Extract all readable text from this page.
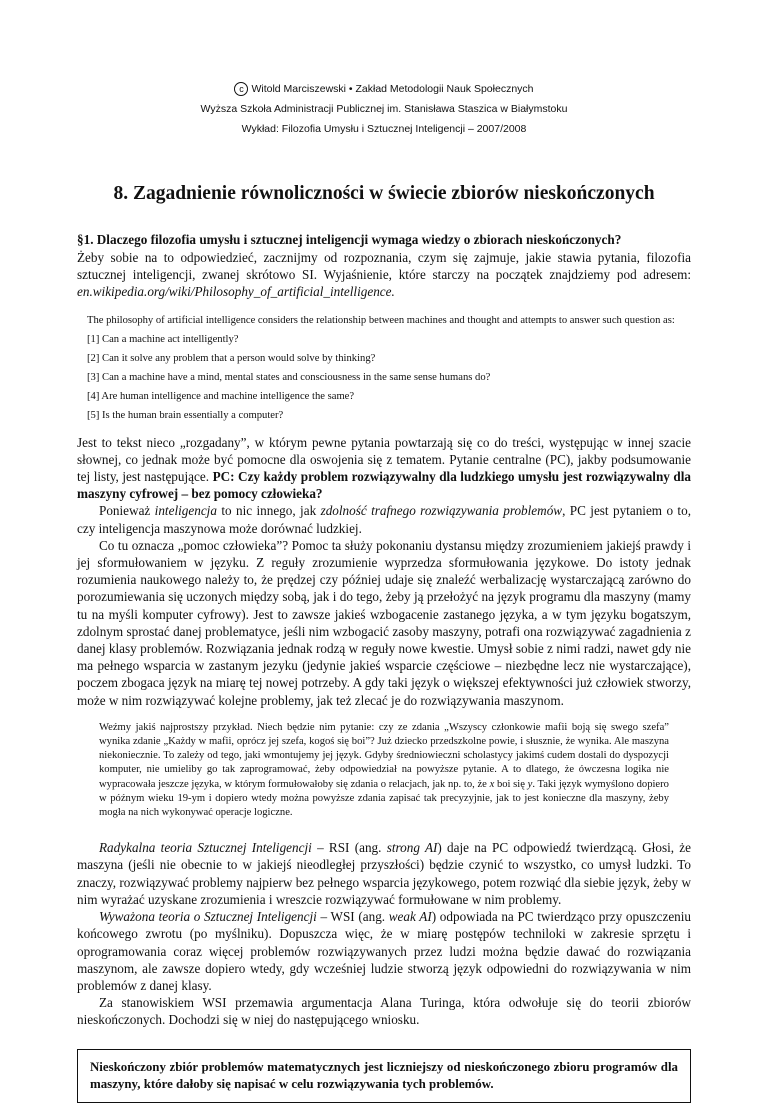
c Witold Marciszewski • Zakład Metodologii Nauk Społecznych
Wyższa Szkoła Administracji Publicznej im. Stanisława Staszica w Białymstoku
Wykład: Filozofia Umysłu i Sztucznej Inteligencji – 2007/2008
8. Zagadnienie równoliczności w świecie zbiorów nieskończonych
§1. Dlaczego filozofia umysłu i sztucznej inteligencji wymaga wiedzy o zbiorach nieskończonych?

Żeby sobie na to odpowiedzieć, zacznijmy od rozpoznania, czym się zajmuje, jakie stawia pytania, filozofia sztucznej inteligencji, zwanej skrótowo SI. Wyjaśnienie, które starczy na początek znajdziemy pod adresem: en.wikipedia.org/wiki/Philosophy_of_artificial_intelligence.

The philosophy of artificial intelligence considers the relationship between machines and thought and attempts to answer such question as:

[1] Can a machine act intelligently?

[2] Can it solve any problem that a person would solve by thinking?

[3] Can a machine have a mind, mental states and consciousness in the same sense humans do?

[4] Are human intelligence and machine intelligence the same?

[5] Is the human brain essentially a computer?

Jest to tekst nieco „rozgadany”, w którym pewne pytania powtarzają się co do treści, występując w innej szacie słownej, co jednak może być pomocne dla oswojenia się z tematem. Pytanie centralne (PC), jakby podsumowanie tej listy, jest następujące. PC: Czy każdy problem rozwiązywalny dla ludzkiego umysłu jest rozwiązywalny dla maszyny cyfrowej – bez pomocy człowieka?

Ponieważ inteligencja to nic innego, jak zdolność trafnego rozwiązywania problemów, PC jest pytaniem o to, czy inteligencja maszynowa może dorównać ludzkiej.

Co tu oznacza „pomoc człowieka”? Pomoc ta służy pokonaniu dystansu między zrozumieniem jakiejś prawdy i jej sformułowaniem w języku. Z reguły zrozumienie wyprzedza sformułowania językowe. Do istoty jednak rozumienia naukowego należy to, że prędzej czy później udaje się znaleźć werbalizację wystarczającą zarówno do porozumiewania się uczonych między sobą, jak i do tego, żeby ją przełożyć na język programu dla maszyny (mamy tu na myśli komputer cyfrowy). Jest to zawsze jakieś wzbogacenie zastanego języka, a w tym języku bogatszym, zdolnym sprostać danej problematyce, jeśli nim wzbogacić zasoby maszyny, potrafi ona rozwiązywać zagadnienia z danej klasy problemów. Rozwiązania jednak rodzą w reguły nowe kwestie. Umysł sobie z nimi radzi, nawet gdy nie ma pełnego wsparcia w zastanym jezyku (jedynie jakieś wsparcie częściowe – niezbędne lecz nie wystarczające), poczem zbogaca język na miarę tej nowej potrzeby. A gdy taki język o większej efektywności już człowiek stworzy, może w nim rozwiązywać kolejne problemy, jak też zlecać je do rozwiązywania maszynom.

Weźmy jakiś najprostszy przykład. Niech będzie nim pytanie: czy ze zdania „Wszyscy członkowie mafii boją się swego szefa” wynika zdanie „Każdy w mafii, oprócz jej szefa, kogoś się boi”? Już dziecko przedszkolne powie, i słusznie, że wynika. Ale maszyna niekoniecznie. To zależy od tego, jaki wmontujemy jej język. Gdyby średniowieczni scholastycy jakimś cudem dostali do dyspozycji komputer, nie umieliby go tak zaprogramować, żeby odpowiedział na powyższe pytanie. A to dlatego, że ówczesna logika nie wypracowała jeszcze języka, w którym formułowałoby się zdania o relacjach, jak np. to, że x boi się y. Taki język wymyślono dopiero w późnym wieku 19-ym i dopiero wtedy można powyższe zdania zapisać tak precyzyjnie, jak to jest konieczne dla maszyny, żeby mogła na nich wykonywać operacje logiczne.

Radykalna teoria Sztucznej Inteligencji – RSI (ang. strong AI) daje na PC odpowiedź twierdzącą. Głosi, że maszyna (jeśli nie obecnie to w jakiejś nieodległej przyszłości) będzie czynić to wszystko, co umysł ludzki. To znaczy, rozwiązywać problemy najpierw bez pełnego wsparcia językowego, potem rozwiąć dla siebie język, żeby w nim wyrażać uzyskane zrozumienia i wreszcie rozwiązywać formułowane w nim problemy.

Wyważona teoria o Sztucznej Inteligencji – WSI (ang. weak AI) odpowiada na PC twierdząco przy opuszczeniu końcowego zwrotu (po myślniku). Dopuszcza więc, że w miarę postępów techniloki w zakresie sprzętu i oprogramowania coraz więcej problemów rozwiązywanych przez ludzi można będzie dawać do rozwiązania maszynom, ale zawsze dopiero wtedy, gdy wcześniej ludzie stworzą język odpowiedni do rozwiązywania w nim problemów z danej klasy.

Za stanowiskiem WSI przemawia argumentacja Alana Turinga, która odwołuje się do teorii zbiorów nieskończonych. Dochodzi się w niej do następującego wniosku.

Nieskończony zbiór problemów matematycznych jest liczniejszy od nieskończonego zbioru programów dla maszyny, które dałoby się napisać w celu rozwiązywania tych problemów.
